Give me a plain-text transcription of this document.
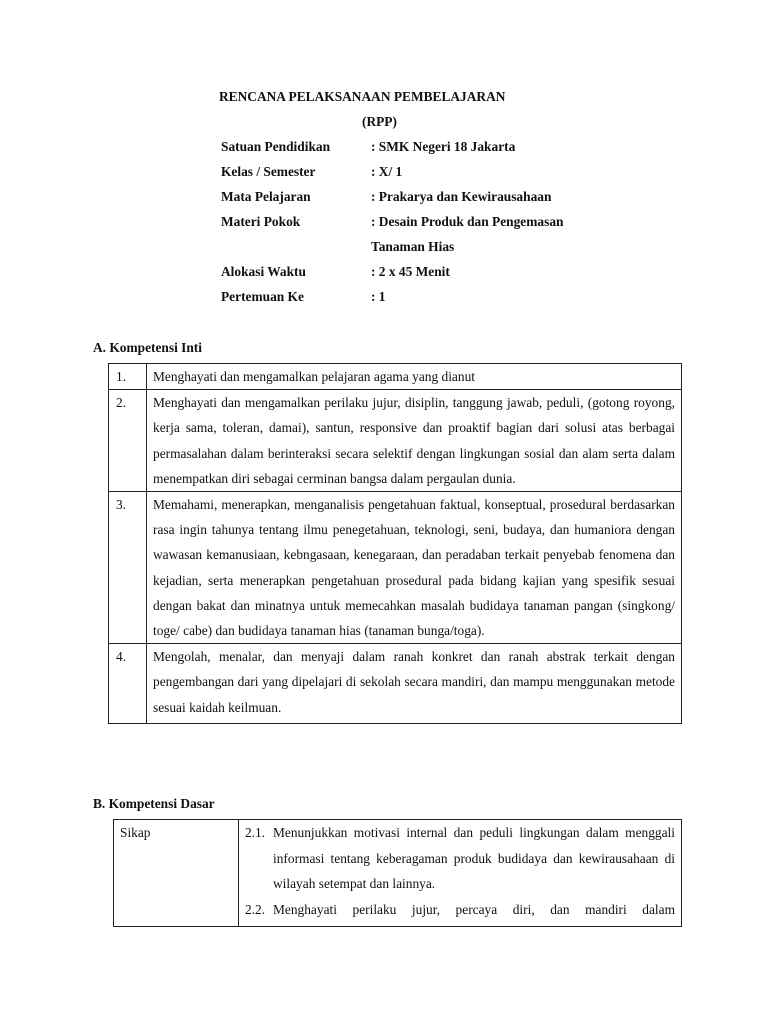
RENCANA PELAKSANAAN PEMBELAJARAN
(RPP)
Satuan Pendidikan	: SMK Negeri 18 Jakarta
Kelas / Semester	: X/ 1
Mata Pelajaran	: Prakarya dan Kewirausahaan
Materi Pokok	: Desain Produk dan Pengemasan
Tanaman Hias
Alokasi Waktu	: 2 x 45 Menit
Pertemuan Ke	: 1
A. Kompetensi Inti
1.	Menghayati dan mengamalkan pelajaran agama yang dianut

2.	Menghayati dan mengamalkan perilaku jujur, disiplin, tanggung jawab, peduli, (gotong royong, kerja sama, toleran, damai), santun, responsive dan proaktif bagian dari solusi atas berbagai permasalahan dalam berinteraksi secara selektif dengan lingkungan sosial dan alam serta dalam menempatkan diri sebagai cerminan bangsa dalam pergaulan dunia.

3.	Memahami, menerapkan, menganalisis pengetahuan faktual, konseptual, prosedural berdasarkan rasa ingin tahunya tentang ilmu penegetahuan, teknologi, seni, budaya, dan humaniora dengan wawasan kemanusiaan, kebngasaan, kenegaraan, dan peradaban terkait penyebab fenomena dan kejadian, serta menerapkan pengetahuan prosedural pada bidang kajian yang spesifik sesuai dengan bakat dan minatnya untuk memecahkan masalah budidaya tanaman pangan (singkong/ toge/ cabe) dan budidaya tanaman hias (tanaman bunga/toga).

4.	Mengolah, menalar, dan menyaji dalam ranah konkret dan ranah abstrak terkait dengan pengembangan dari yang dipelajari di sekolah secara mandiri, dan mampu menggunakan metode sesuai kaidah keilmuan.
B. Kompetensi Dasar
Sikap	2.1. Menunjukkan motivasi internal dan peduli lingkungan dalam menggali informasi tentang keberagaman produk budidaya dan kewirausahaan di wilayah setempat dan lainnya.
2.2. Menghayati perilaku jujur, percaya diri, dan mandiri dalam
